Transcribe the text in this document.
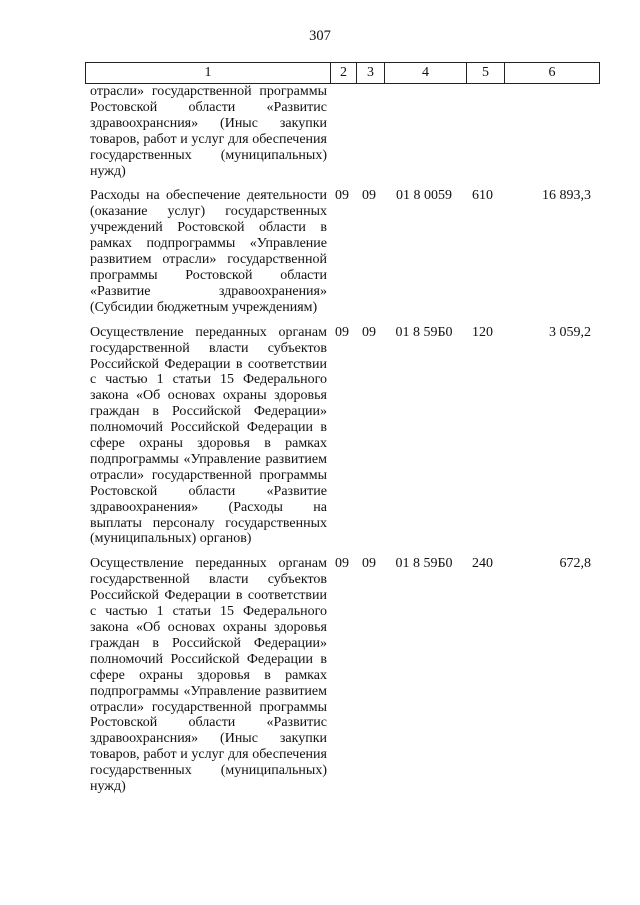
307
1	2	3	4	5	6
отрасли» государственной программы Ростовской области «Развитис здравоохрансния» (Иныс закупки товаров, работ и услуг для обеспечения государственных (муниципальных) нужд)
Расходы на обеспечение деятельности (оказание услуг) государственных учреждений Ростовской области в рамках подпрограммы «Управление развитием отрасли» государственной программы Ростовской области «Развитие здравоохранения» (Субсидии бюджетным учреждениям)
09 09	01 8 0059	610	16 893,3
Осуществление переданных органам государственной власти субъектов Российской Федерации в соответствии с частью 1 статьи 15 Федерального закона «Об основах охраны здоровья граждан в Российской Федерации» полномочий Российской Федерации в сфере охраны здоровья в рамках подпрограммы «Управление развитием отрасли» государственной программы Ростовской области «Развитие здравоохранения» (Расходы на выплаты персоналу государственных (муниципальных) органов)
09 09	01 8 59Б0	120	3 059,2
Осуществление переданных органам государственной власти субъектов Российской Федерации в соответствии с частью 1 статьи 15 Федерального закона «Об основах охраны здоровья граждан в Российской Федерации» полномочий Российской Федерации в сфере охраны здоровья в рамках подпрограммы «Управление развитием отрасли» государственной программы Ростовской области «Развитис здравоохрансния» (Иныс закупки товаров, работ и услуг для обеспечения государственных (муниципальных) нужд)
09 09	01 8 59Б0	240	672,8
